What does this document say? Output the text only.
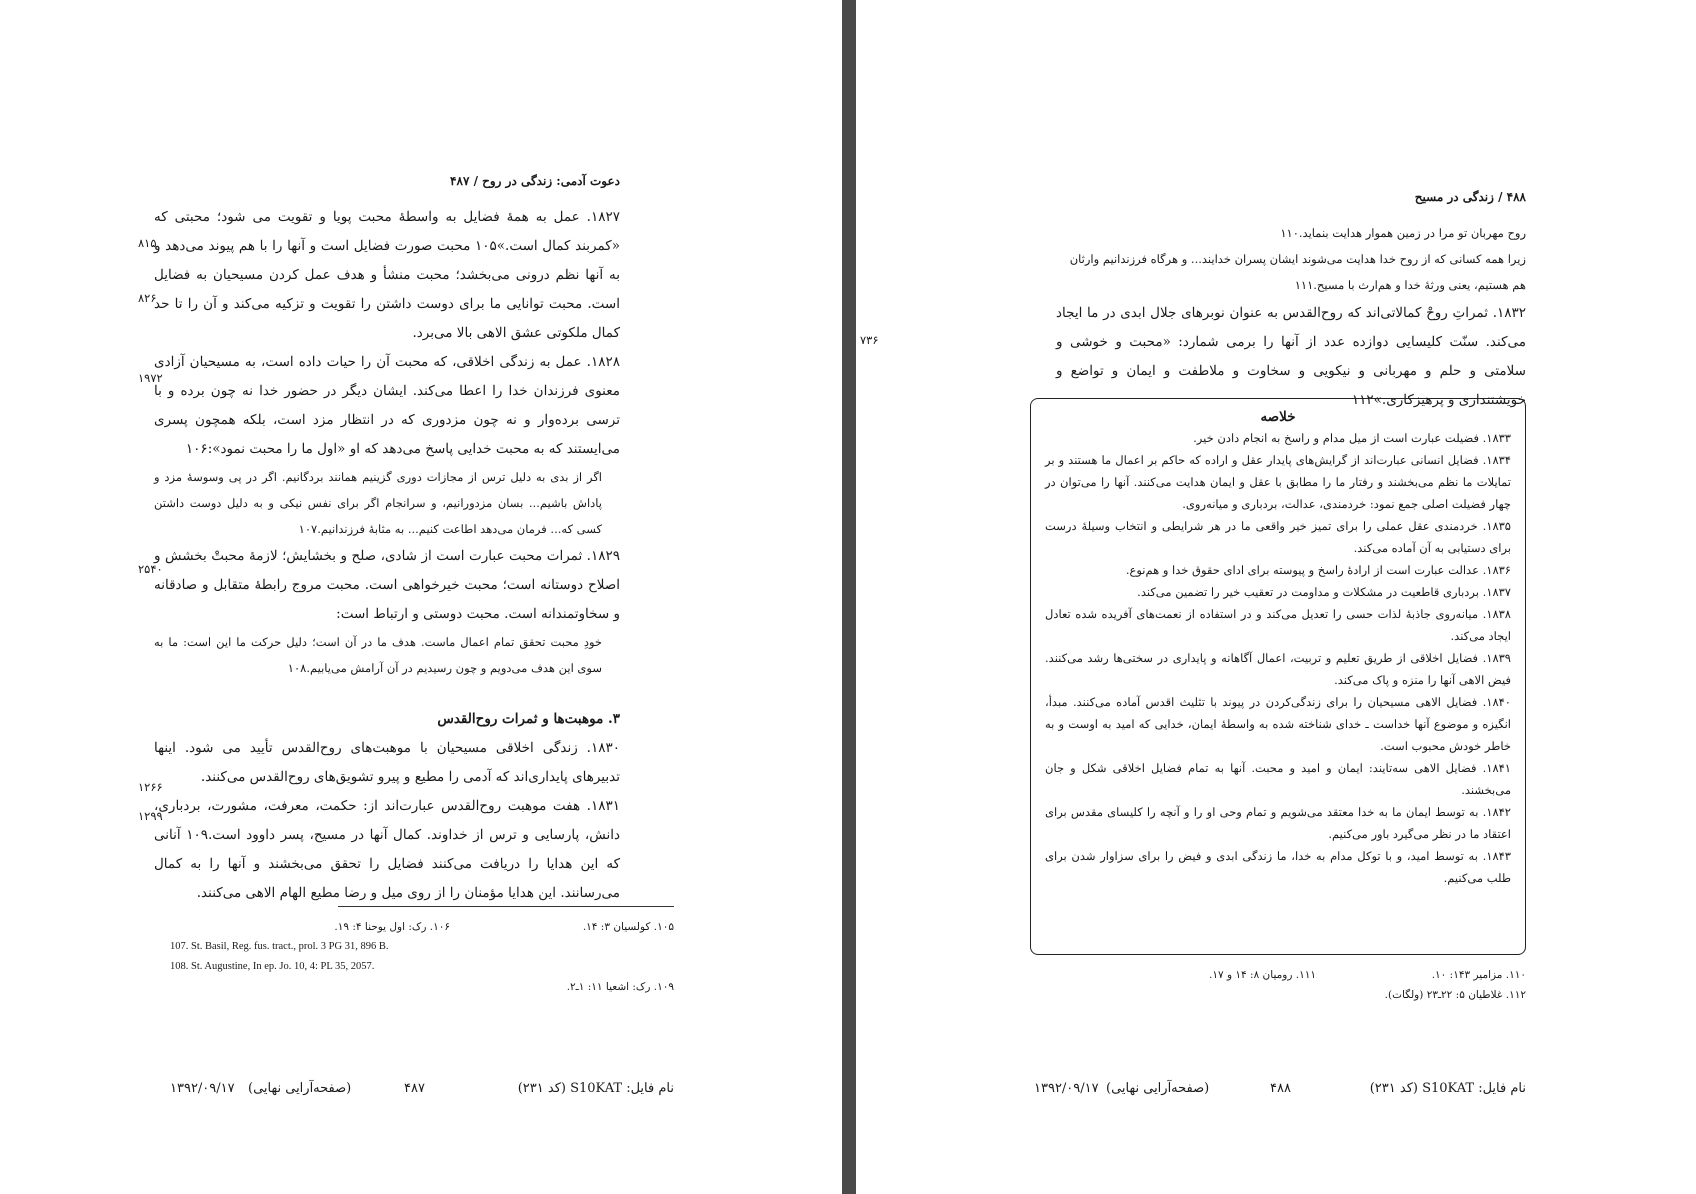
دعوت آدمی: زندگی در روح / ۴۸۷

۱۸۲۷. عمل به همهٔ فضایل به واسطهٔ محبت پویا و تقویت می شود؛ محبتی که «کمربند کمال است.»۱۰۵ محبت صورت فضایل است و آنها را با هم پیوند می‌دهد و به آنها نظم درونی می‌بخشد؛ محبت منشأ و هدف عمل کردن مسیحیان به فضایل است. محبت توانایی ما برای دوست داشتن را تقویت و تزکیه می‌کند و آن را تا حد کمال ملکوتی عشق الاهی بالا می‌برد.

۱۸۲۸. عمل به زندگی اخلاقی، که محبت آن را حیات داده است، به مسیحیان آزادی معنوی فرزندان خدا را اعطا می‌کند. ایشان دیگر در حضور خدا نه چون برده و با ترسی برده‌وار و نه چون مزدوری که در انتظار مزد است، بلکه همچون پسری می‌ایستند که به محبت خدایی پاسخ می‌دهد که او «اول ما را محبت نمود»:۱۰۶

اگر از بدی به دلیل ترس از مجازات دوری گزینیم همانند بردگانیم. اگر در پی وسوسهٔ مزد و پاداش باشیم... بسان مزدورانیم، و سرانجام اگر برای نفس نیکی و به دلیل دوست داشتن کسی که... فرمان می‌دهد اطاعت کنیم... به مثابهٔ فرزندانیم.۱۰۷

۱۸۲۹. ثمرات محبت عبارت است از شادی، صلح و بخشایش؛ لازمهٔ محبتْ بخشش و اصلاح دوستانه است؛ محبت خیرخواهی است. محبت مروج رابطهٔ متقابل و صادقانه و سخاوتمندانه است. محبت دوستی و ارتباط است:

خودِ محبت تحقق تمام اعمال ماست. هدف ما در آن است؛ دلیل حرکت ما این است: ما به سوی این هدف می‌دویم و چون رسیدیم در آن آرامش می‌یابیم.۱۰۸

۳. موهبت‌ها و ثمرات روح‌القدس

۱۸۳۰. زندگی اخلاقی مسیحیان با موهبت‌های روح‌القدس تأیید می شود. اینها تدبیرهای پایداری‌اند که آدمی را مطیع و پیرو تشویق‌های روح‌القدس می‌کنند.

۱۸۳۱. هفت موهبت روح‌القدس عبارت‌اند از: حکمت، معرفت، مشورت، بردباری، دانش، پارسایی و ترس از خداوند. کمال آنها در مسیح، پسر داوود است.۱۰۹ آنانی که این هدایا را دریافت می‌کنند فضایل را تحقق می‌بخشند و آنها را به کمال می‌رسانند. این هدایا مؤمنان را از روی میل و رضا مطیع الهام الاهی می‌کنند.

۸۱۵
۸۲۶
۱۹۷۲
۲۵۴۰
۱۲۶۶
۱۲۹۹
۱۰۵. کولسیان ۳: ۱۴.
۱۰۶. رک: اول یوحنا ۴: ۱۹.
107. St. Basil, Reg. fus. tract., prol. 3 PG 31, 896 B.
108. St. Augustine, In ep. Jo. 10, 4: PL 35, 2057.
۱۰۹. رک: اشعیا ۱۱: ۱ـ۲.
نام فایل: S10KAT (کد ۲۳۱)
۴۸۷
(صفحه‌آرایی نهایی)
۱۳۹۲/۰۹/۱۷
۴۸۸ / زندگی در مسیح
روح مهربان تو مرا در زمین هموار هدایت بنماید.۱۱۰
زیرا همه کسانی که از روح خدا هدایت می‌شوند ایشان پسران خدایند... و هرگاه فرزندانیم وارثان هم هستیم، یعنی ورثهٔ خدا و هم‌ارث با مسیح.۱۱۱
۱۸۳۲. ثمراتِ روحْ کمالاتی‌اند که روح‌القدس به عنوان نوبرهای جلال ابدی در ما ایجاد می‌کند. سنّت کلیسایی دوازده عدد از آنها را برمی شمارد: «محبت و خوشی و سلامتی و حلم و مهربانی و نیکویی و سخاوت و ملاطفت و ایمان و تواضع و خویشتنداری و پرهیزکاری.»۱۱۲
۷۳۶
خلاصه

۱۸۳۳. فضیلت عبارت است از میل مدام و راسخ به انجام دادن خیر.

۱۸۳۴. فضایل انسانی عبارت‌اند از گرایش‌های پایدار عقل و اراده که حاکم بر اعمال ما هستند و بر تمایلات ما نظم می‌بخشند و رفتار ما را مطابق با عقل و ایمان هدایت می‌کنند. آنها را می‌توان در چهار فضیلت اصلی جمع نمود: خردمندی، عدالت، بردباری و میانه‌روی.

۱۸۳۵. خردمندی عقل عملی را برای تمیز خیر واقعی ما در هر شرایطی و انتخاب وسیلهٔ درست برای دستیابی به آن آماده می‌کند.

۱۸۳۶. عدالت عبارت است از ارادهٔ راسخ و پیوسته برای ادای حقوق خدا و هم‌نوع.

۱۸۳۷. بردباری قاطعیت در مشکلات و مداومت در تعقیب خیر را تضمین می‌کند.

۱۸۳۸. میانه‌روی جاذبهٔ لذات حسی را تعدیل می‌کند و در استفاده از نعمت‌های آفریده شده تعادل ایجاد می‌کند.

۱۸۳۹. فضایل اخلاقی از طریق تعلیم و تربیت، اعمال آگاهانه و پایداری در سختی‌ها رشد می‌کنند. فیض الاهی آنها را منزه و پاک می‌کند.

۱۸۴۰. فضایل الاهی مسیحیان را برای زندگی‌کردن در پیوند با تثلیث اقدس آماده می‌کنند. مبدأ، انگیزه و موضوع آنها خداست ـ خدای شناخته شده به واسطهٔ ایمان، خدایی که امید به اوست و به خاطر خودش محبوب است.

۱۸۴۱. فضایل الاهی سه‌تایند: ایمان و امید و محبت. آنها به تمام فضایل اخلاقی شکل و جان می‌بخشند.

۱۸۴۲. به توسط ایمان ما به خدا معتقد می‌شویم و تمام وحی او را و آنچه را کلیسای مقدس برای اعتقاد ما در نظر می‌گیرد باور می‌کنیم.

۱۸۴۳. به توسط امید، و با توکل مدام به خدا، ما زندگی ابدی و فیض را برای سزاوار شدن برای طلب می‌کنیم.

۱۱۰. مزامیر ۱۴۳: ۱۰.
۱۱۱. رومیان ۸: ۱۴ و ۱۷.
۱۱۲. غلاطیان ۵: ۲۲ـ۲۳ (ولگات).
نام فایل: S10KAT (کد ۲۳۱)
۴۸۸
(صفحه‌آرایی نهایی)
۱۳۹۲/۰۹/۱۷
